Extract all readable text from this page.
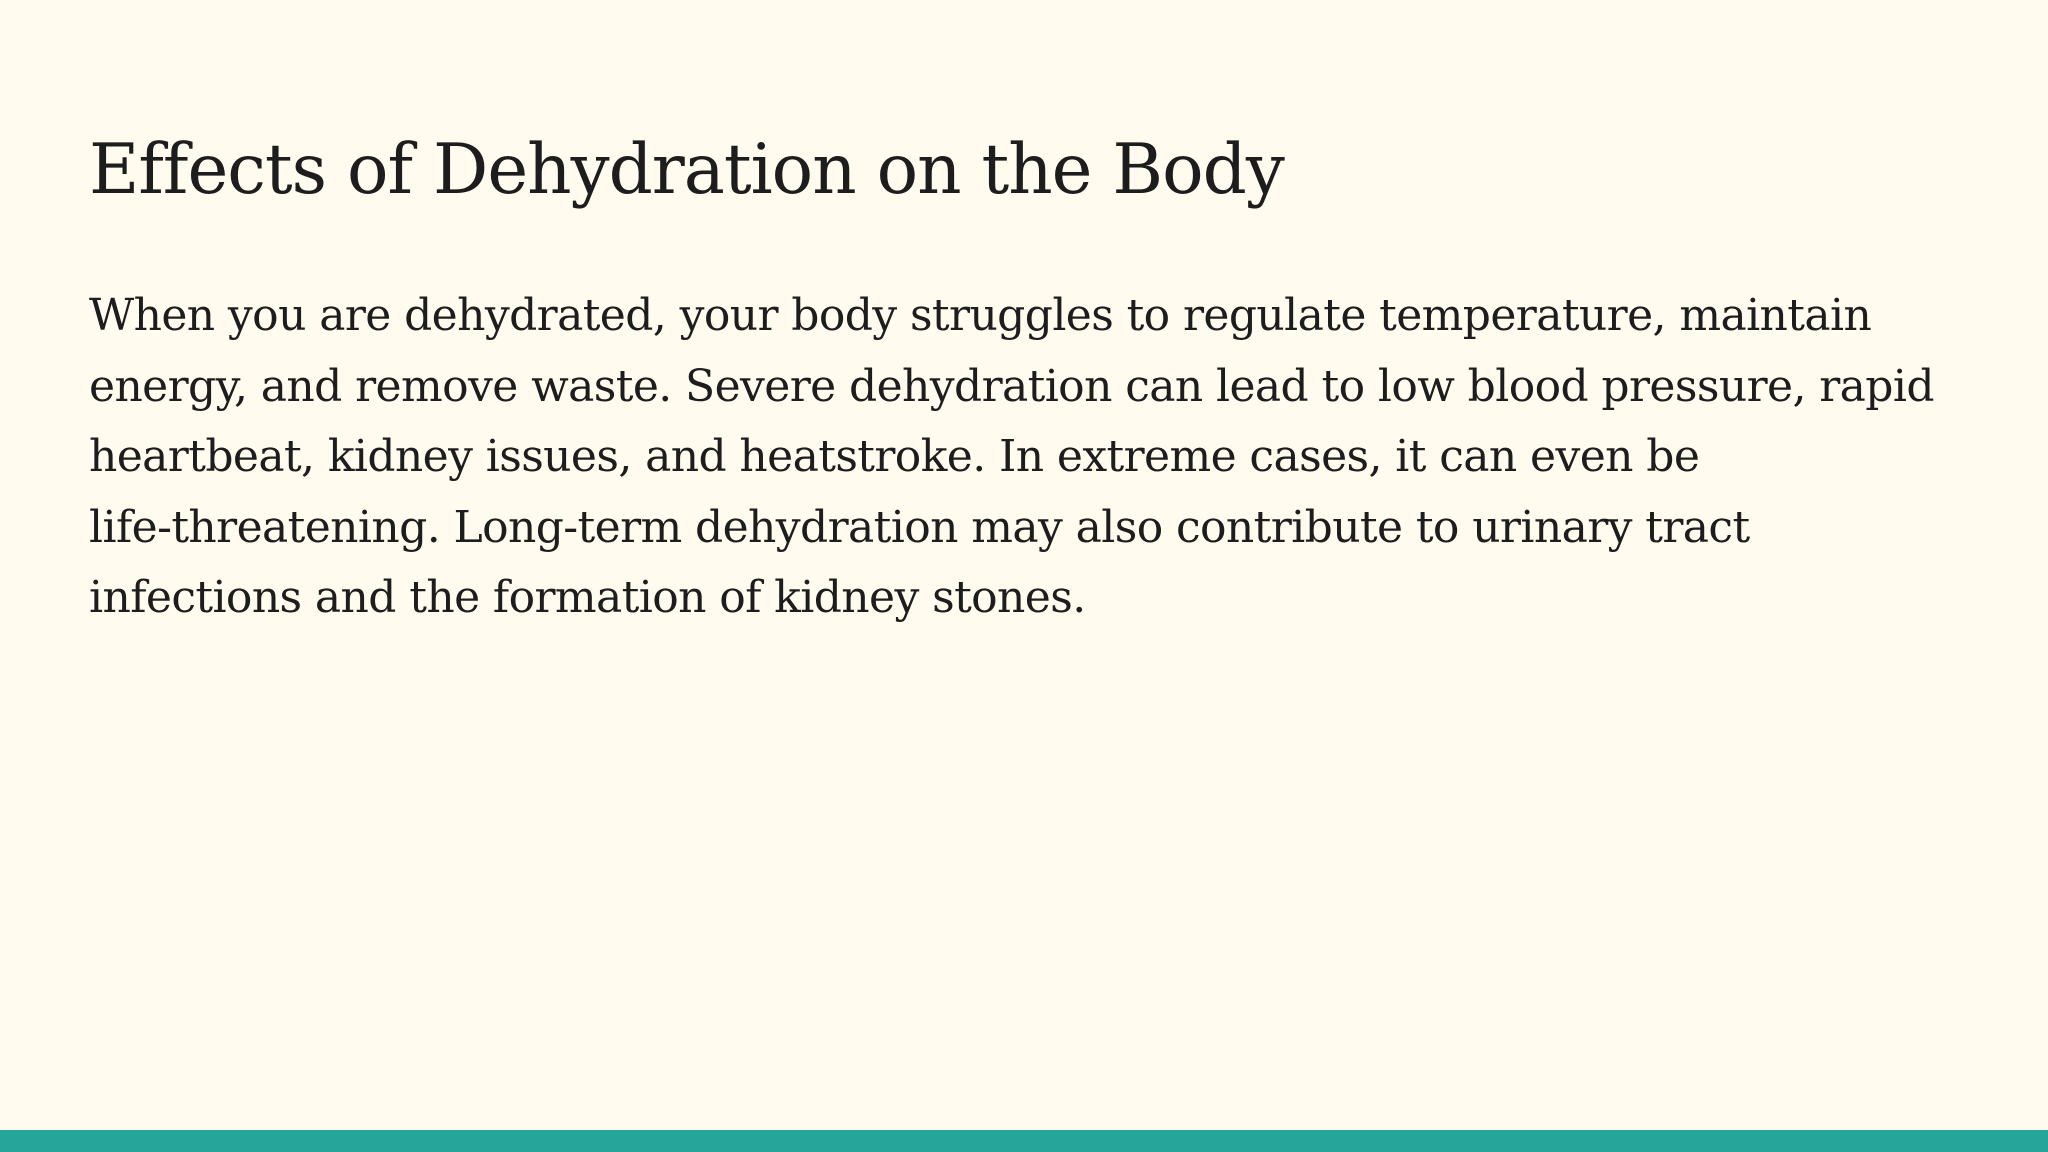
Effects of Dehydration on the Body

When you are dehydrated, your body struggles to regulate temperature, maintain
energy, and remove waste. Severe dehydration can lead to low blood pressure, rapid
heartbeat, kidney issues, and heatstroke. In extreme cases, it can even be
life-threatening. Long-term dehydration may also contribute to urinary tract
infections and the formation of kidney stones.
